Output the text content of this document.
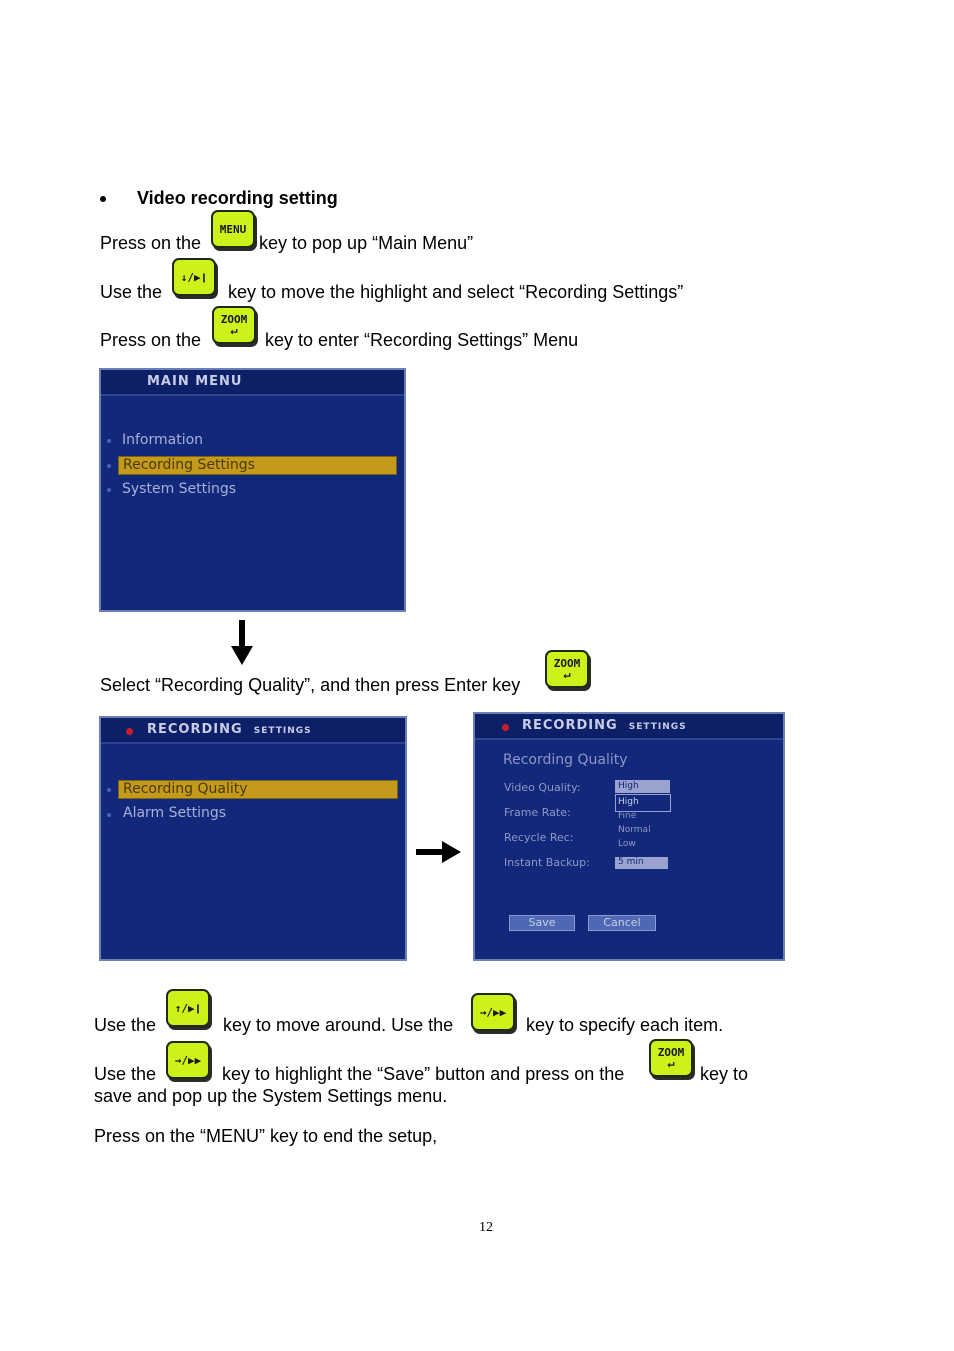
Video recording setting
Press on the
MENU
key to pop up “Main Menu”
Use the
↓/▶❙
key to move the highlight and select “Recording Settings”
Press on the
ZOOM
↵ key to enter “Recording Settings” Menu
MAIN MENU
Information
Recording Settings
System Settings
Select “Recording Quality”, and then press Enter key
ZOOM
↵
RECORDING SETTINGS
Recording Quality
Alarm Settings
RECORDING SETTINGS
Recording Quality
Video Quality:
Frame Rate:
Recycle Rec:
Instant Backup:
High
High
Fine
Normal
Low
5 min
Save	Cancel
Use the
↑/▶❙
key to move around. Use the
→/▶▶
key to specify each item.
Use the
→/▶▶
key to highlight the “Save” button and press on the
ZOOM
↵
key to
save and pop up the System Settings menu.
Press on the “MENU” key to end the setup,
12
